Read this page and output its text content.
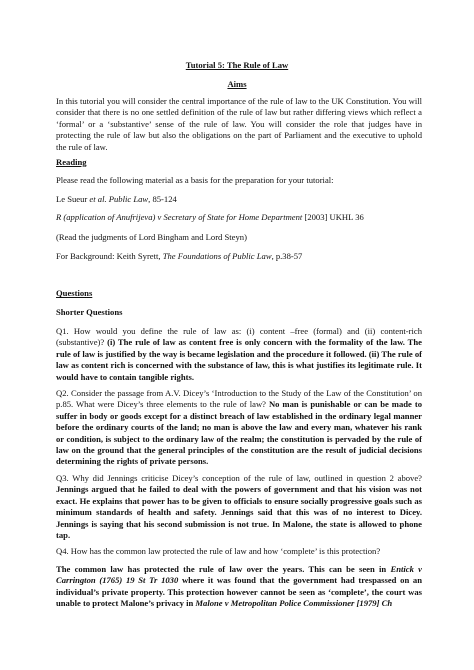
Tutorial 5: The Rule of Law

Aims

In this tutorial you will consider the central importance of the rule of law to the UK Constitution. You will consider that there is no one settled definition of the rule of law but rather differing views which reflect a ‘formal’ or a ‘substantive’ sense of the rule of law. You will consider the role that judges have in protecting the rule of law but also the obligations on the part of Parliament and the executive to uphold the rule of law.

Reading

Please read the following material as a basis for the preparation for your tutorial:

Le Sueur et al. Public Law, 85-124

R (application of Anufrijeva) v Secretary of State for Home Department [2003] UKHL 36

(Read the judgments of Lord Bingham and Lord Steyn)

For Background: Keith Syrett, The Foundations of Public Law, p.38-57

Questions

Shorter Questions

Q1. How would you define the rule of law as: (i) content –free (formal) and (ii) content-rich (substantive)? (i) The rule of law as content free is only concern with the formality of the law. The rule of law is justified by the way is became legislation and the procedure it followed. (ii) The rule of law as content rich is concerned with the substance of law, this is what justifies its legitimate rule. It would have to contain tangible rights.

Q2. Consider the passage from A.V. Dicey’s ‘Introduction to the Study of the Law of the Constitution’ on p.85. What were Dicey’s three elements to the rule of law? No man is punishable or can be made to suffer in body or goods except for a distinct breach of law established in the ordinary legal manner before the ordinary courts of the land; no man is above the law and every man, whatever his rank or condition, is subject to the ordinary law of the realm; the constitution is pervaded by the rule of law on the ground that the general principles of the constitution are the result of judicial decisions determining the rights of private persons.

Q3. Why did Jennings criticise Dicey’s conception of the rule of law, outlined in question 2 above? Jennings argued that he failed to deal with the powers of government and that his vision was not exact. He explains that power has to be given to officials to ensure socially progressive goals such as minimum standards of health and safety. Jennings said that this was of no interest to Dicey. Jennings is saying that his second submission is not true. In Malone, the state is allowed to phone tap.

Q4. How has the common law protected the rule of law and how ‘complete’ is this protection?

The common law has protected the rule of law over the years. This can be seen in Entick v Carrington (1765) 19 St Tr 1030 where it was found that the government had trespassed on an individual’s private property. This protection however cannot be seen as ‘complete’, the court was unable to protect Malone’s privacy in Malone v Metropolitan Police Commissioner [1979] Ch
